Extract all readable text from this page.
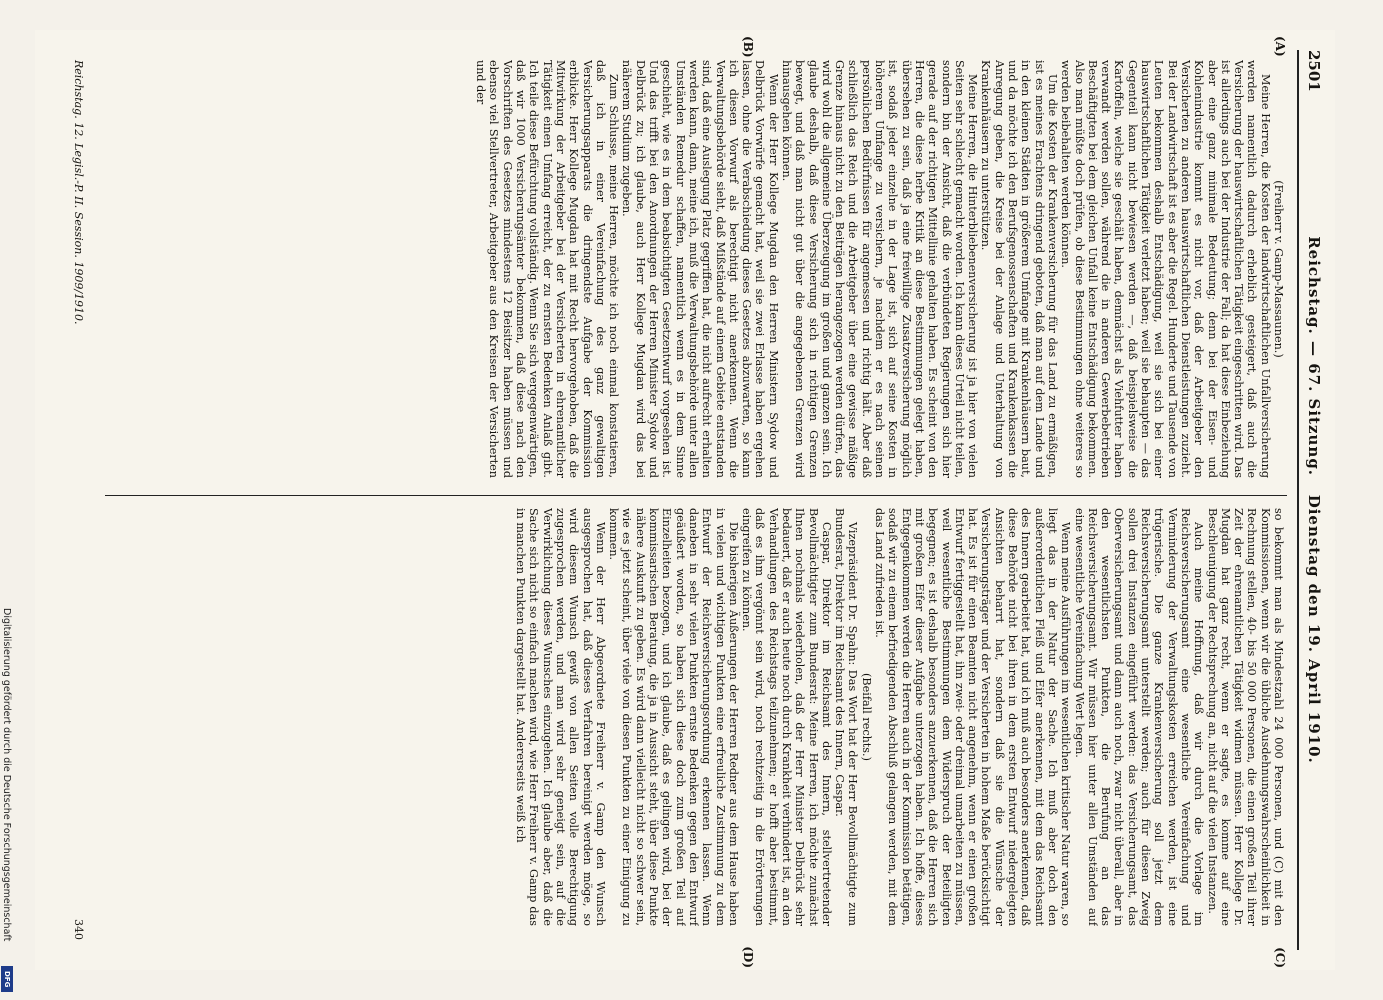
Digitalisierung gefördert durch die Deutsche Forschungsgemeinschaft
DFG
2501
Reichstag. — 67. Sitzung.   Dienstag den 19. April 1910.
(A)
(B)
(C)
(D)

(Freiherr v. Gamp-Massaunen.)

Meine Herren, die Kosten der landwirtschaftlichen Unfallversicherung werden namentlich dadurch erheblich gesteigert, daß auch die Versicherung der hauswirtschaftlichen Tätigkeit eingeschritten wird. Das ist allerdings auch bei der Industrie der Fall; da hat diese Einbeziehung aber eine ganz minimale Bedeutung; denn bei der Eisen- und Kohlenindustrie kommt es nicht vor, daß der Arbeitgeber den Versicherten zu anderen hauswirtschaftlichen Dienstleistungen zuzieht. Bei der Landwirtschaft ist es aber die Regel. Hunderte und Tausende von Leuten bekommen deshalb Entschädigung, weil sie sich bei einer hauswirtschaftlichen Tätigkeit verletzt haben; weil sie behaupten — das Gegenteil kann nicht bewiesen werden —, daß beispielsweise die Kartoffeln, welche sie geschält haben, demnächst als Viehfutter haben verwandt werden sollen, während die in anderen Gewerbebetrieben Beschäftigten bei dem gleichen Unfall keine Entschädigung bekommen. Also man müßte doch prüfen, ob diese Bestimmungen ohne weiteres so werden beibehalten werden können.

Um die Kosten der Krankenversicherung für das Land zu ermäßigen, ist es meines Erachtens dringend geboten, daß man auf dem Lande und in den kleinen Städten in größerem Umfange mit Krankenhäusern baut, und da möchte ich den Berufsgenossenschaften und Krankenkassen die Anregung geben, die Kreise bei der Anlage und Unterhaltung von Krankenhäusern zu unterstützen.

Meine Herren, die Hinterbliebenenversicherung ist ja hier von vielen Seiten sehr schlecht gemacht worden. Ich kann dieses Urteil nicht teilen, sondern bin der Ansicht, daß die verbündeten Regierungen sich hier gerade auf der richtigen Mittellinie gehalten haben. Es scheint von den Herren, die diese herbe Kritik an diese Bestimmungen gelegt haben, übersehen zu sein, daß ja eine freiwillige Zusatzversicherung möglich ist, sodaß jeder einzelne in der Lage ist, sich auf seine Kosten in höherem Umfange zu versichern, je nachdem er es nach seinen persönlichen Bedürfnissen für angemessen und richtig hält. Aber daß schließlich das Reich und die Arbeitgeber über eine gewisse mäßige Grenze hinaus nicht zu den Beiträgen herangezogen werden dürfen, das wird wohl die allgemeine Überzeugung im großen und ganzen sein. Ich glaube deshalb, daß diese Versicherung sich in richtigen Grenzen bewegt, und daß man nicht gut über die angegebenen Grenzen wird hinausgehen können.

Wenn der Herr Kollege Mugdan den Herren Ministern Sydow und Delbrück Vorwürfe gemacht hat, weil sie zwei Erlasse haben ergehen lassen, ohne die Verabschiedung dieses Gesetzes abzuwarten, so kann ich diesen Vorwurf als berechtigt nicht anerkennen. Wenn die Verwaltungsbehörde sieht, daß Mißstände auf einem Gebiete entstanden sind, daß eine Auslegung Platz gegriffen hat, die nicht aufrecht erhalten werden kann, dann, meine ich, muß die Verwaltungsbehörde unter allen Umständen Remedur schaffen, namentlich wenn es in dem Sinne geschieht, wie es in dem beabsichtigten Gesetzentwurf vorgesehen ist. Und das trifft bei den Anordnungen der Herren Minister Sydow und Delbrück zu; ich glaube, auch Herr Kollege Mugdan wird das bei näherem Studium zugeben.

Zum Schlusse, meine Herren, möchte ich noch einmal konstatieren, daß ich in einer Vereinfachung des ganz gewaltigen Versicherungsapparats die dringendste Aufgabe der Kommission erblicke. Herr Kollege Mugdan hat mit Recht hervorgehoben, daß die Mitwirkung der Arbeitgeber bei der Versicherten in ehrenamtlicher Tätigkeit einen Umfang erreicht, der zu ernsten Bedenken Anlaß gibt. Ich teile diese Befürchtung vollständig. Wenn Sie sich vergegenwärtigen, daß wir 1000 Versicherungsämter bekommen, daß diese nach den Vorschriften des Gesetzes mindestens 12 Beisitzer haben müssen und ebenso viel Stellvertreter, Arbeitgeber aus den Kreisen der Versicherten und der

so bekommt man als Mindestzahl 24 000 Personen, und (C) mit den Kommissionen, wenn wir die übliche Ausdehnungswahrscheinlichkeit in Rechnung stellen, 40- bis 50 000 Personen, die einen großen Teil ihrer Zeit der ehrenamtlichen Tätigkeit widmen müssen. Herr Kollege Dr. Mugdan hat ganz recht, wenn er sagte, es komme auf eine Beschleunigung der Rechtsprechung an, nicht auf die vielen Instanzen.

Auch meine Hoffnung, daß wir durch die Vorlage im Reichsversicherungsamt eine wesentliche Vereinfachung und Verminderung der Verwaltungskosten erreichen werden, ist eine trügerische. Die ganze Krankenversicherung soll jetzt dem Reichsversicherungsamt unterstellt werden; auch für diesen Zweig sollen drei Instanzen eingeführt werden: das Versicherungsamt, das Oberversicherungsamt und dann auch noch, zwar nicht überall, aber in den wesentlichsten Punkten, die Berufung an das Reichsversicherungsamt. Wir müssen hier unter allen Umständen auf eine wesentliche Vereinfachung Wert legen.

Wenn meine Ausführungen im wesentlichen kritischer Natur waren, so liegt das in der Natur der Sache. Ich muß aber doch den außerordentlichen Fleiß und Eifer anerkennen, mit dem das Reichsamt des Innern gearbeitet hat, und ich muß auch besonders anerkennen, daß diese Behörde nicht bei ihren in dem ersten Entwurf niedergelegten Ansichten beharrt hat, sondern daß sie die Wünsche der Versicherungsträger und der Versicherten in hohem Maße berücksichtigt hat. Es ist für einen Beamten nicht angenehm, wenn er einen großen Entwurf fertiggestellt hat, ihn zwei- oder dreimal umarbeiten zu müssen, weil wesentliche Bestimmungen dem Widerspruch der Beteiligten begegnen; es ist deshalb besonders anzuerkennen, daß die Herren sich mit großem Eifer dieser Aufgabe unterzogen haben. Ich hoffe, dieses Entgegenkommen werden die Herren auch in der Kommission betätigen, sodaß wir zu einem befriedigenden Abschluß gelangen werden, mit dem das Land zufrieden ist.

(Beifall rechts.)

Vizepräsident Dr. Spahn: Das Wort hat der Herr Bevollmächtigte zum Bundesrat, Direktor im Reichsamt des Innern, Caspar.

Caspar, Direktor im Reichsamt des Innern, stellvertretender Bevollmächtigter zum Bundesrat: Meine Herren, ich möchte zunächst Ihnen nochmals wiederholen, daß der Herr Minister Delbrück sehr bedauert, daß er auch heute noch durch Krankheit verhindert ist, an den Verhandlungen des Reichstags teilzunehmen; er hofft aber bestimmt, daß es ihm vergönnt sein wird, noch rechtzeitig in die Erörterungen eingreifen zu können.

Die bisherigen Äußerungen der Herren Redner aus dem Hause haben in vielen und wichtigen Punkten eine erfreuliche Zustimmung zu dem Entwurf der Reichsversicherungsordnung erkennen lassen. Wenn daneben in sehr vielen Punkten ernste Bedenken gegen den Entwurf geäußert worden, so haben sich diese doch zum großen Teil auf Einzelheiten bezogen, und ich glaube, daß es gelingen wird, bei der kommissarischen Beratung, die ja in Aussicht steht, über diese Punkte nähere Auskunft zu geben. Es wird dann vielleicht nicht so schwer sein, wie es jetzt scheint, über viele von diesen Punkten zu einer Einigung zu kommen.

Wenn der Herr Abgeordnete Freiherr v. Gamp den Wunsch ausgesprochen hat, daß dieses Verfahren bereinigt werden möge, so wird diesem Wunsch gewiß von allen Seiten volle Berechtigung zugesprochen werden, und man wird sehr geneigt sein, auf die Verwirklichung dieses Wunsches einzugehen. Ich glaube aber, daß die Sache sich nicht so einfach machen wird, wie Herr Freiherr v. Gamp das in manchen Punkten dargestellt hat. Andererseits weiß ich

Reichstag. 12. Legisl.-P. II. Session. 1909/1910.
340
